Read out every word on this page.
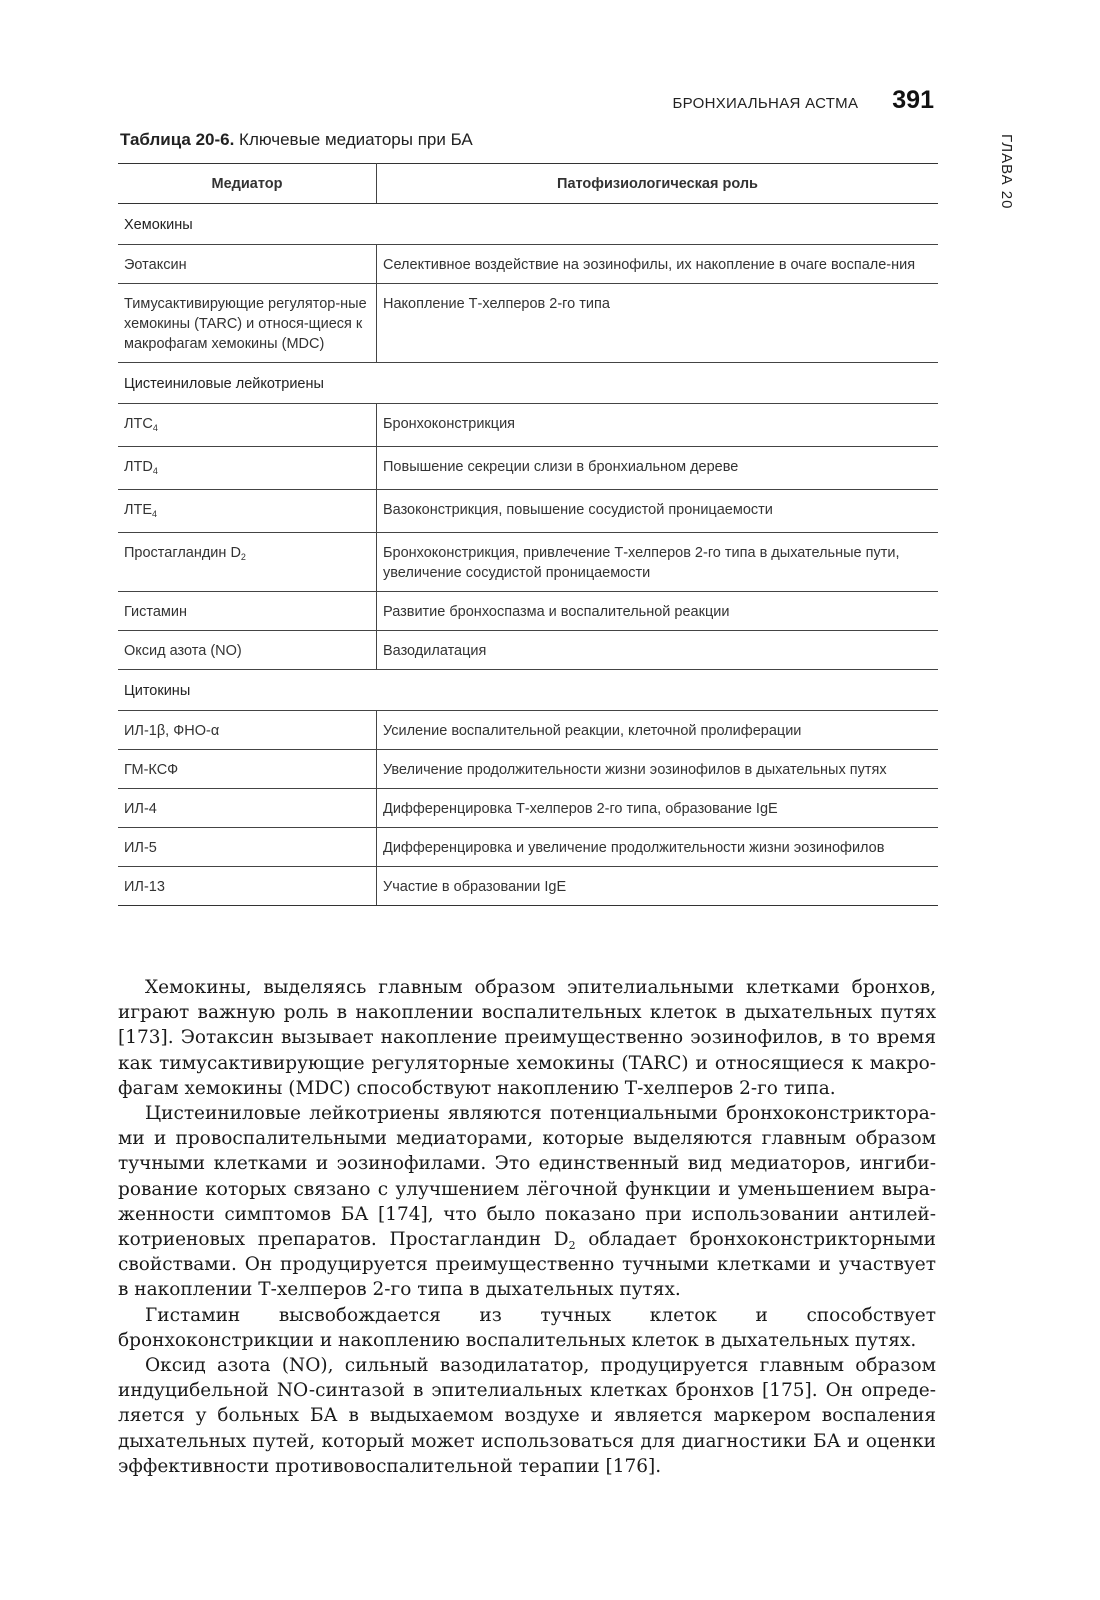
БРОНХИАЛЬНАЯ АСТМА 391
ГЛАВА 20
Таблица 20-6. Ключевые медиаторы при БА
Медиатор	Патофизиологическая роль
Хемокины	
Эотаксин	Селективное воздействие на эозинофилы, их накопление в очаге воспале-ния
Тимусактивирующие регулятор-ные хемокины (TARC) и относя-щиеся к макрофагам хемокины (MDC)	Накопление Т-хелперов 2-го типа
Цистеиниловые лейкотриены	
$ЛТС_4$	Бронхоконстрикция
$ЛТD_4$	Повышение секреции слизи в бронхиальном дереве
$ЛТЕ_4$	Вазоконстрикция, повышение сосудистой проницаемости
Простагландин $D_2$	Бронхоконстрикция, привлечение Т-хелперов 2-го типа в дыхательные пути, увеличение сосудистой проницаемости
Гистамин	Развитие бронхоспазма и воспалительной реакции
Оксид азота (NO)	Вазодилатация
Цитокины	
ИЛ-1β, ФНО-α	Усиление воспалительной реакции, клеточной пролиферации
ГМ-КСФ	Увеличение продолжительности жизни эозинофилов в дыхательных путях
ИЛ-4	Дифференцировка Т-хелперов 2-го типа, образование IgE
ИЛ-5	Дифференцировка и увеличение продолжительности жизни эозинофилов
ИЛ-13	Участие в образовании IgE

Хемокины, выделяясь главным образом эпителиальными клетками бронхов, играют важную роль в накоплении воспалительных клеток в дыхательных путях [173]. Эотаксин вызывает накопление преимущественно эозинофилов, в то время как тимусактивирующие регуляторные хемокины (TARC) и относящиеся к макро-фагам хемокины (MDC) способствуют накоплению Т-хелперов 2-го типа.

Цистеиниловые лейкотриены являются потенциальными бронхоконстриктора-ми и провоспалительными медиаторами, которые выделяются главным образом тучными клетками и эозинофилами. Это единственный вид медиаторов, ингиби-рование которых связано с улучшением лёгочной функции и уменьшением выра-женности симптомов БА [174], что было показано при использовании антилей-котриеновых препаратов. Простагландин $D_2$ обладает бронхоконстрикторными свойствами. Он продуцируется преимущественно тучными клетками и участвует в накоплении Т-хелперов 2-го типа в дыхательных путях.

Гистамин высвобождается из тучных клеток и способствует бронхоконстрикции и накоплению воспалительных клеток в дыхательных путях.

Оксид азота (NO), сильный вазодилататор, продуцируется главным образом индуцибельной NO-синтазой в эпителиальных клетках бронхов [175]. Он опреде-ляется у больных БА в выдыхаемом воздухе и является маркером воспаления дыхательных путей, который может использоваться для диагностики БА и оценки эффективности противовоспалительной терапии [176].
